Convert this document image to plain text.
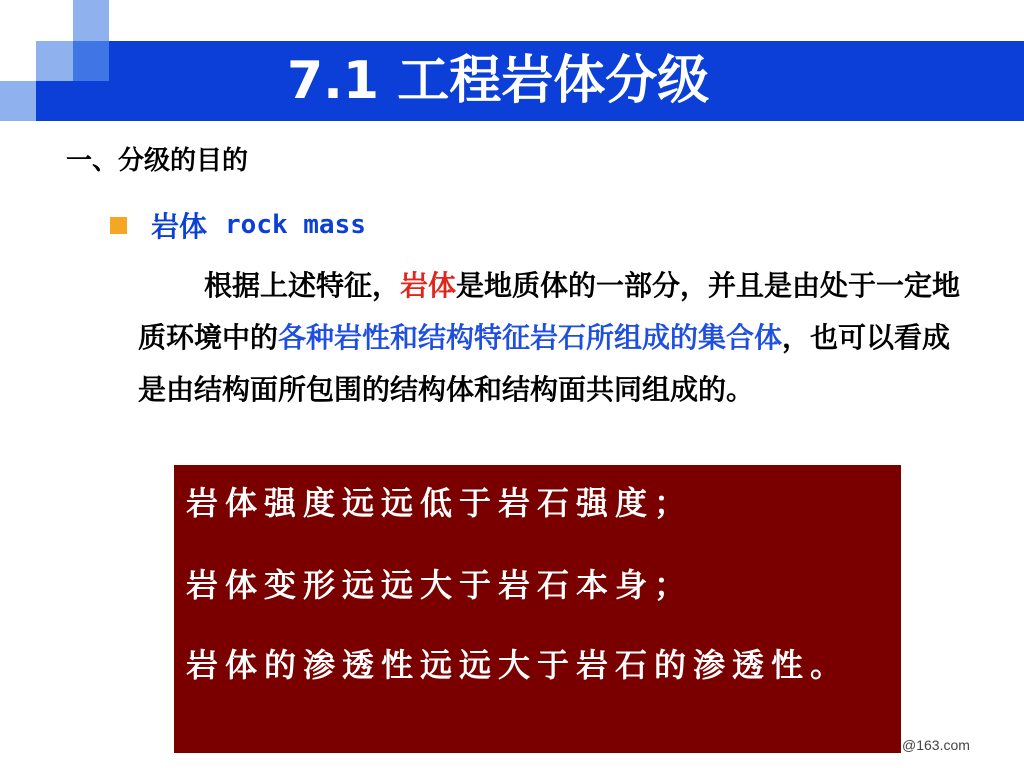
7.1 工程岩体分级
一、分级的目的
岩体 rock mass
根据上述特征，岩体是地质体的一部分，并且是由处于一定地质环境中的各种岩性和结构特征岩石所组成的集合体，也可以看成是由结构面所包围的结构体和结构面共同组成的。
岩体强度远远低于岩石强度；
岩体变形远远大于岩石本身；
岩体的渗透性远远大于岩石的渗透性。
@163.com
